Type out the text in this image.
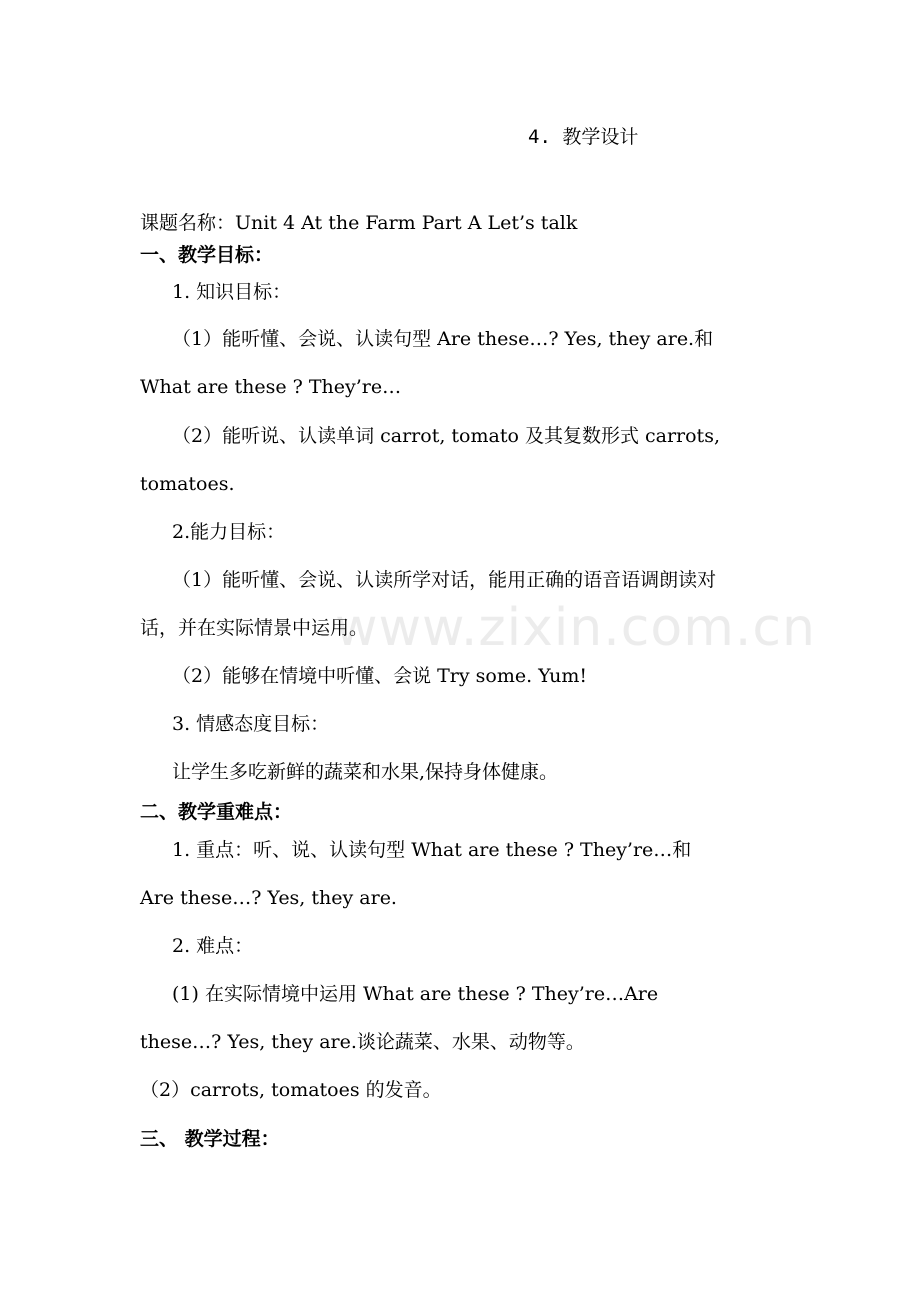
www.zixin.com.cn
4. 教学设计
课题名称：Unit 4 At the Farm Part A Let’s talk
一、教学目标：
1. 知识目标：
（1）能听懂、会说、认读句型 Are these…? Yes, they are.和
What are these ? They’re…
（2）能听说、认读单词 carrot, tomato 及其复数形式 carrots,
tomatoes.
2.能力目标：
（1）能听懂、会说、认读所学对话，能用正确的语音语调朗读对
话，并在实际情景中运用。
（2）能够在情境中听懂、会说 Try some. Yum!
3. 情感态度目标：
让学生多吃新鲜的蔬菜和水果,保持身体健康。
二、教学重难点：
1. 重点：听、说、认读句型 What are these ? They’re…和
Are these…? Yes, they are.
2. 难点：
(1) 在实际情境中运用 What are these ? They’re…Are
these…? Yes, they are.谈论蔬菜、水果、动物等。
（2）carrots, tomatoes 的发音。
三、 教学过程：
